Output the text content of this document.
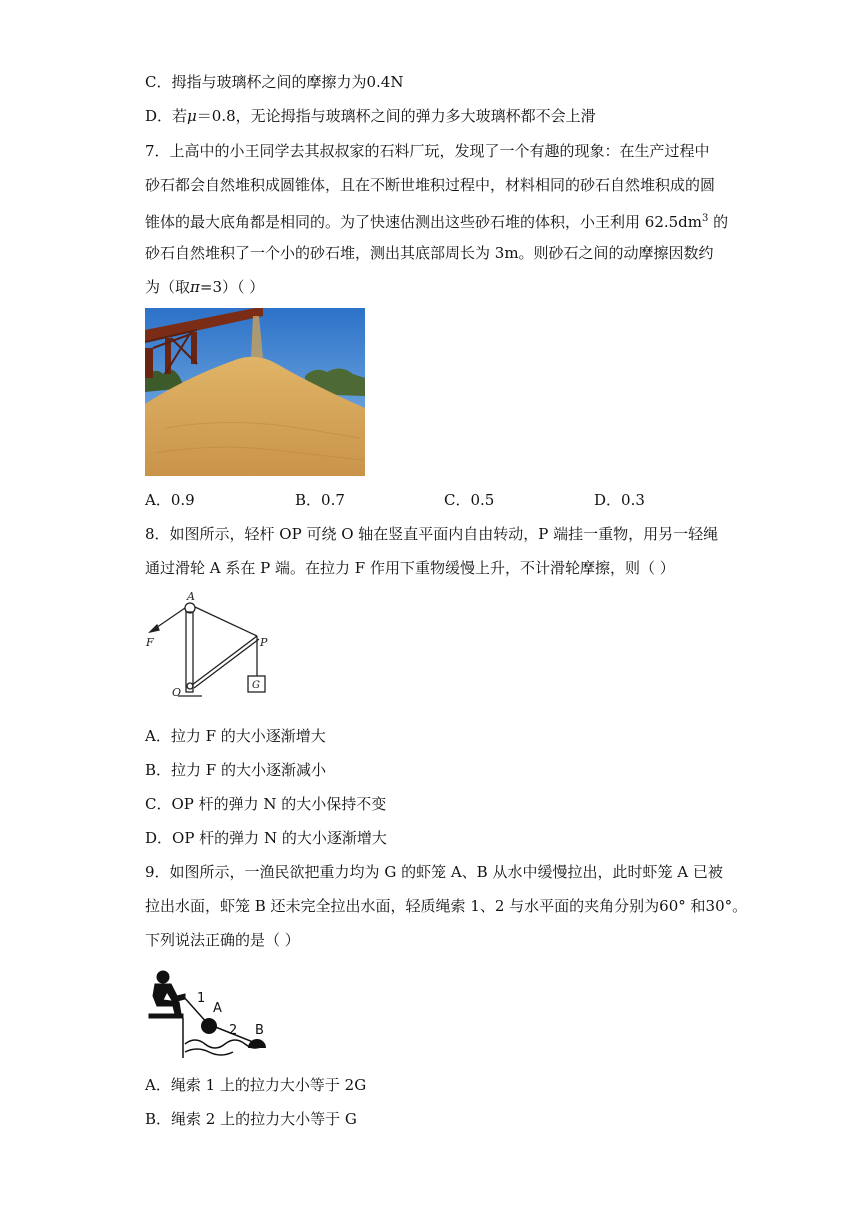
C．拇指与玻璃杯之间的摩擦力为0.4N
D．若μ＝0.8，无论拇指与玻璃杯之间的弹力多大玻璃杯都不会上滑
7．上高中的小王同学去其叔叔家的石料厂玩，发现了一个有趣的现象：在生产过程中
砂石都会自然堆积成圆锥体，且在不断世堆积过程中，材料相同的砂石自然堆积成的圆
锥体的最大底角都是相同的。为了快速估测出这些砂石堆的体积，小王利用 $62.5dm^3$ 的
砂石自然堆积了一个小的砂石堆，测出其底部周长为 3m。则砂石之间的动摩擦因数约
为（取π=3）（ ）
A．0.9	B．0.7	C．0.5	D．0.3
8．如图所示，轻杆 OP 可绕 O 轴在竖直平面内自由转动，P 端挂一重物，用另一轻绳
通过滑轮 A 系在 P 端。在拉力 F 作用下重物缓慢上升，不计滑轮摩擦，则（ ）
A
F	P
O
G
A．拉力 F 的大小逐渐增大
B．拉力 F 的大小逐渐减小
C．OP 杆的弹力 N 的大小保持不变
D．OP 杆的弹力 N 的大小逐渐增大
9．如图所示，一渔民欲把重力均为 G 的虾笼 A、B 从水中缓慢拉出，此时虾笼 A 已被
拉出水面，虾笼 B 还未完全拉出水面，轻质绳索 1、2 与水平面的夹角分别为60° 和30°。
下列说法正确的是（ ）
1
A
2 B
A．绳索 1 上的拉力大小等于 2G
B．绳索 2 上的拉力大小等于 G
